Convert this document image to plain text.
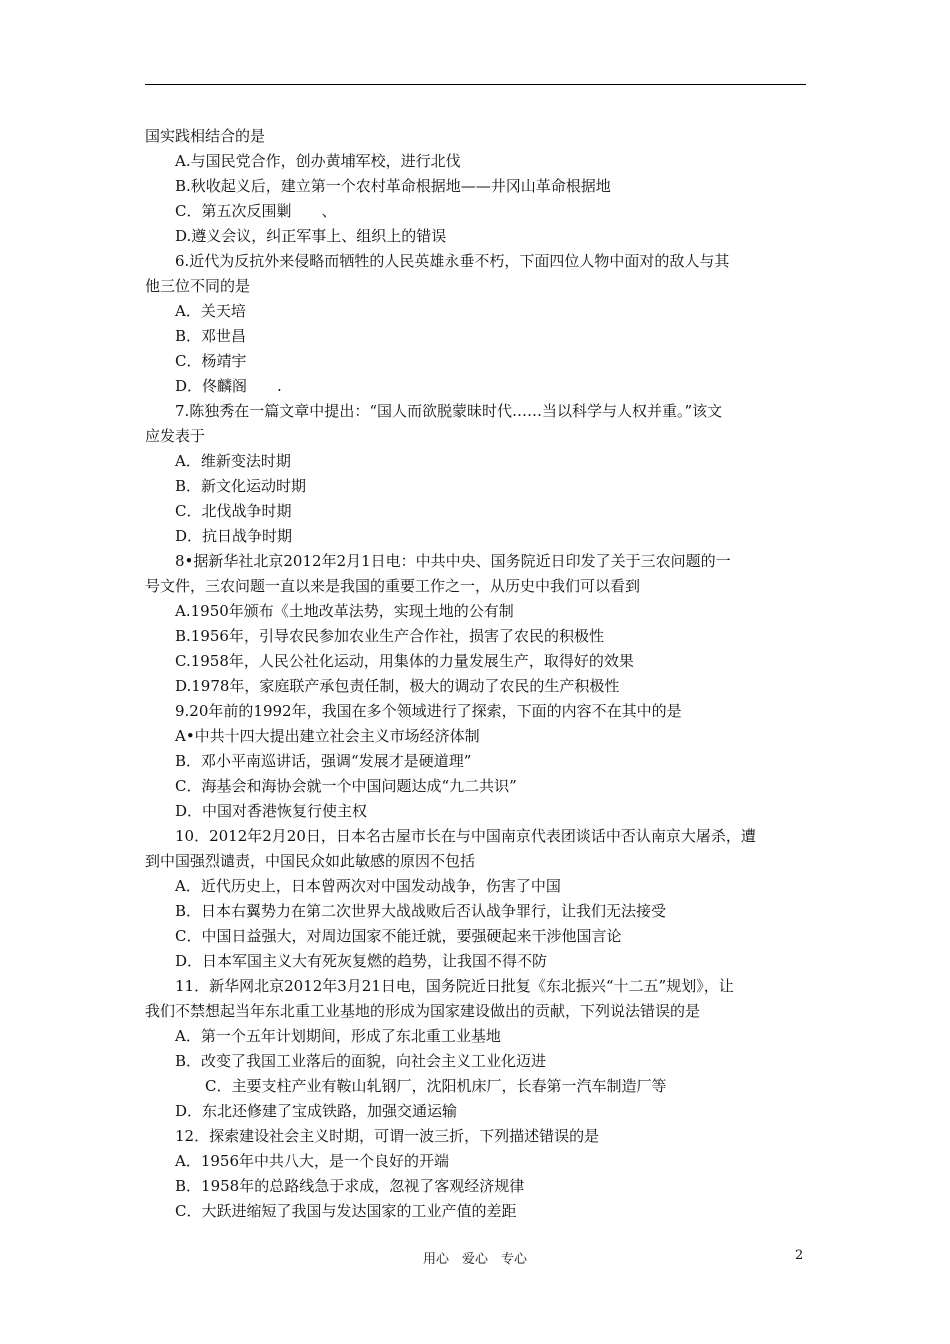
国实践相结合的是
A.与国民党合作，创办黄埔军校，进行北伐
B.秋收起义后，建立第一个农村革命根据地——井冈山革命根据地
C．第五次反围剿　　、
D.遵义会议，纠正军事上、组织上的错误
6.近代为反抗外来侵略而牺牲的人民英雄永垂不朽，下面四位人物中面对的敌人与其
他三位不同的是
A．关天培
B．邓世昌
C．杨靖宇
D．佟麟阁　　.
7.陈独秀在一篇文章中提出：“国人而欲脱蒙昧时代……当以科学与人权并重。”该文
应发表于
A．维新变法时期
B．新文化运动时期
C．北伐战争时期
D．抗日战争时期
8•据新华社北京2012年2月1日电：中共中央、国务院近日印发了关于三农问题的一
号文件，三农问题一直以来是我国的重要工作之一，从历史中我们可以看到
A.1950年颁布《土地改革法势，实现土地的公有制
B.1956年，引导农民参加农业生产合作社，损害了农民的积极性
C.1958年，人民公社化运动，用集体的力量发展生产，取得好的效果
D.1978年，家庭联产承包责任制，极大的调动了农民的生产积极性
9.20年前的1992年，我国在多个领域进行了探索，下面的内容不在其中的是
A•中共十四大提出建立社会主义市场经济体制
B．邓小平南巡讲话，强调“发展才是硬道理”
C．海基会和海协会就一个中国问题达成“九二共识”
D．中国对香港恢复行使主权
10．2012年2月20日，日本名古屋市长在与中国南京代表团谈话中否认南京大屠杀，遭
到中国强烈谴责，中国民众如此敏感的原因不包括
A．近代历史上，日本曾两次对中国发动战争，伤害了中国
B．日本右翼势力在第二次世界大战战败后否认战争罪行，让我们无法接受
C．中国日益强大，对周边国家不能迁就，要强硬起来干涉他国言论
D．日本军国主义大有死灰复燃的趋势，让我国不得不防
11．新华网北京2012年3月21日电，国务院近日批复《东北振兴“十二五”规划》，让
我们不禁想起当年东北重工业基地的形成为国家建设做出的贡献，下列说法错误的是
A．第一个五年计划期间，形成了东北重工业基地
B．改变了我国工业落后的面貌，向社会主义工业化迈进
C．主要支柱产业有鞍山轧钢厂，沈阳机床厂，长春第一汽车制造厂等
D．东北还修建了宝成铁路，加强交通运输
12．探索建设社会主义时期，可谓一波三折，下列描述错误的是
A．1956年中共八大，是一个良好的开端
B．1958年的总路线急于求成，忽视了客观经济规律
C．大跃进缩短了我国与发达国家的工业产值的差距
用心　爱心　专心	2
